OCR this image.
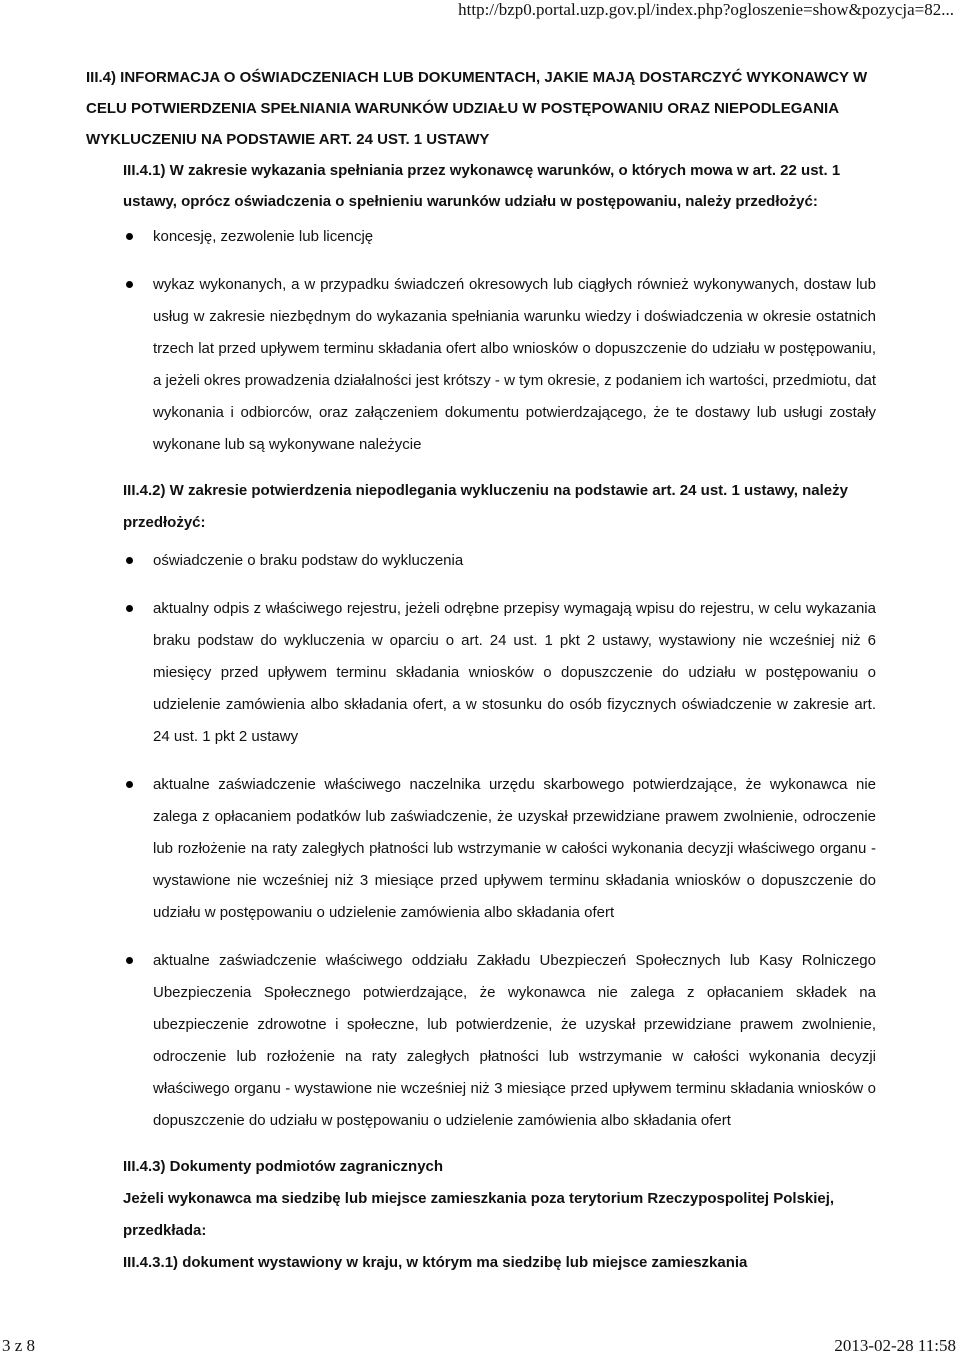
http://bzp0.portal.uzp.gov.pl/index.php?ogloszenie=show&pozycja=82...
III.4) INFORMACJA O OŚWIADCZENIACH LUB DOKUMENTACH, JAKIE MAJĄ DOSTARCZYĆ WYKONAWCY W CELU POTWIERDZENIA SPEŁNIANIA WARUNKÓW UDZIAŁU W POSTĘPOWANIU ORAZ NIEPODLEGANIA WYKLUCZENIU NA PODSTAWIE ART. 24 UST. 1 USTAWY
III.4.1) W zakresie wykazania spełniania przez wykonawcę warunków, o których mowa w art. 22 ust. 1 ustawy, oprócz oświadczenia o spełnieniu warunków udziału w postępowaniu, należy przedłożyć:
koncesję, zezwolenie lub licencję
wykaz wykonanych, a w przypadku świadczeń okresowych lub ciągłych również wykonywanych, dostaw lub usług w zakresie niezbędnym do wykazania spełniania warunku wiedzy i doświadczenia w okresie ostatnich trzech lat przed upływem terminu składania ofert albo wniosków o dopuszczenie do udziału w postępowaniu, a jeżeli okres prowadzenia działalności jest krótszy - w tym okresie, z podaniem ich wartości, przedmiotu, dat wykonania i odbiorców, oraz załączeniem dokumentu potwierdzającego, że te dostawy lub usługi zostały wykonane lub są wykonywane należycie
III.4.2) W zakresie potwierdzenia niepodlegania wykluczeniu na podstawie art. 24 ust. 1 ustawy, należy przedłożyć:
oświadczenie o braku podstaw do wykluczenia
aktualny odpis z właściwego rejestru, jeżeli odrębne przepisy wymagają wpisu do rejestru, w celu wykazania braku podstaw do wykluczenia w oparciu o art. 24 ust. 1 pkt 2 ustawy, wystawiony nie wcześniej niż 6 miesięcy przed upływem terminu składania wniosków o dopuszczenie do udziału w postępowaniu o udzielenie zamówienia albo składania ofert, a w stosunku do osób fizycznych oświadczenie w zakresie art. 24 ust. 1 pkt 2 ustawy
aktualne zaświadczenie właściwego naczelnika urzędu skarbowego potwierdzające, że wykonawca nie zalega z opłacaniem podatków lub zaświadczenie, że uzyskał przewidziane prawem zwolnienie, odroczenie lub rozłożenie na raty zaległych płatności lub wstrzymanie w całości wykonania decyzji właściwego organu - wystawione nie wcześniej niż 3 miesiące przed upływem terminu składania wniosków o dopuszczenie do udziału w postępowaniu o udzielenie zamówienia albo składania ofert
aktualne zaświadczenie właściwego oddziału Zakładu Ubezpieczeń Społecznych lub Kasy Rolniczego Ubezpieczenia Społecznego potwierdzające, że wykonawca nie zalega z opłacaniem składek na ubezpieczenie zdrowotne i społeczne, lub potwierdzenie, że uzyskał przewidziane prawem zwolnienie, odroczenie lub rozłożenie na raty zaległych płatności lub wstrzymanie w całości wykonania decyzji właściwego organu - wystawione nie wcześniej niż 3 miesiące przed upływem terminu składania wniosków o dopuszczenie do udziału w postępowaniu o udzielenie zamówienia albo składania ofert
III.4.3) Dokumenty podmiotów zagranicznych
Jeżeli wykonawca ma siedzibę lub miejsce zamieszkania poza terytorium Rzeczypospolitej Polskiej, przedkłada:
III.4.3.1) dokument wystawiony w kraju, w którym ma siedzibę lub miejsce zamieszkania
3 z 8	2013-02-28 11:58
